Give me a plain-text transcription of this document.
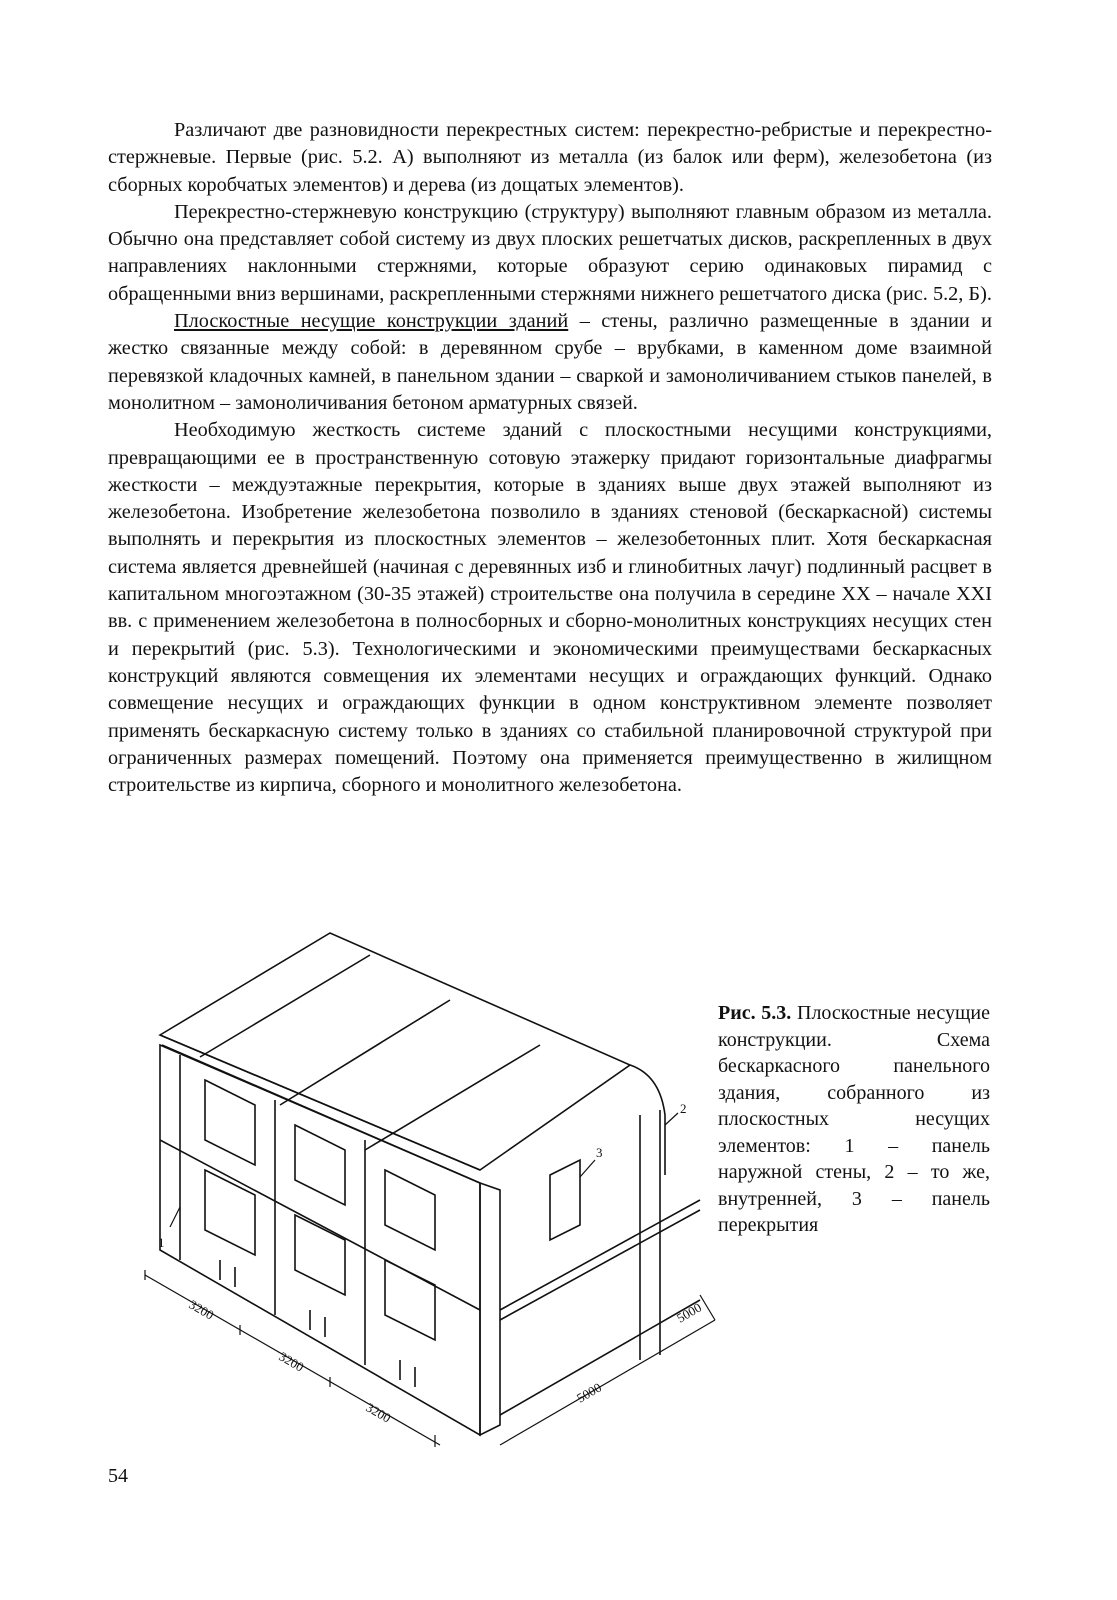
Различают две разновидности перекрестных систем: перекрестно-ребристые и перекрестно-стержневые. Первые (рис. 5.2. А) выполняют из металла (из балок или ферм), железобетона (из сборных коробчатых элементов) и дерева (из дощатых элементов).

Перекрестно-стержневую конструкцию (структуру) выполняют главным образом из металла. Обычно она представляет собой систему из двух плоских решетчатых дисков, раскрепленных в двух направлениях наклонными стержнями, которые образуют серию одинаковых пирамид с обращенными вниз вершинами, раскрепленными стержнями нижнего решетчатого диска (рис. 5.2, Б).

Плоскостные несущие конструкции зданий – стены, различно размещенные в здании и жестко связанные между собой: в деревянном срубе – врубками, в каменном доме взаимной перевязкой кладочных камней, в панельном здании – сваркой и замоноличиванием стыков панелей, в монолитном – замоноличивания бетоном арматурных связей.

Необходимую жесткость системе зданий с плоскостными несущими конструкциями, превращающими ее в пространственную сотовую этажерку придают горизонтальные диафрагмы жесткости – междуэтажные перекрытия, которые в зданиях выше двух этажей выполняют из железобетона. Изобретение железобетона позволило в зданиях стеновой (бескаркасной) системы выполнять и перекрытия из плоскостных элементов – железобетонных плит. Хотя бескаркасная система является древнейшей (начиная с деревянных изб и глинобитных лачуг) подлинный расцвет в капитальном многоэтажном (30-35 этажей) строительстве она получила в середине XX – начале XXI вв. с применением железобетона в полносборных и сборно-монолитных конструкциях несущих стен и перекрытий (рис. 5.3). Технологическими и экономическими преимуществами бескаркасных конструкций являются совмещения их элементами несущих и ограждающих функций. Однако совмещение несущих и ограждающих функции в одном конструктивном элементе позволяет применять бескаркасную систему только в зданиях со стабильной планировочной структурой при ограниченных размерах помещений. Поэтому она применяется преимущественно в жилищном строительстве из кирпича, сборного и монолитного железобетона.

3
2
1
3200
3200
3200
5000
5000
Рис. 5.3. Плоскостные несущие конструкции. Схема бескаркасного панельного здания, собранного из плоскостных несущих элементов: 1 – панель наружной стены, 2 – то же, внутренней, 3 – панель перекрытия
54
